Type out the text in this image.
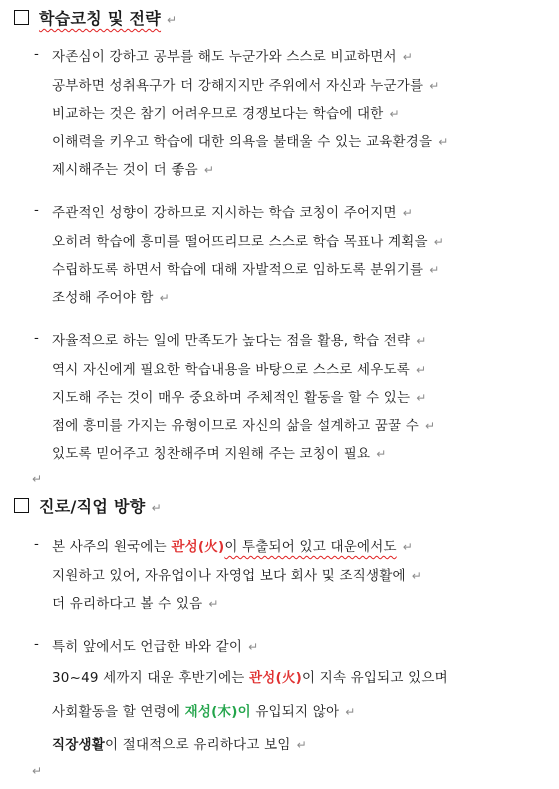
학습코칭 및 전략 ↵
- 자존심이 강하고 공부를 해도 누군가와 스스로 비교하면서 ↵
공부하면 성취욕구가 더 강해지지만 주위에서 자신과 누군가를 ↵
비교하는 것은 참기 어려우므로 경쟁보다는 학습에 대한 ↵
이해력을 키우고 학습에 대한 의욕을 불태울 수 있는 교육환경을 ↵
제시해주는 것이 더 좋음 ↵
- 주관적인 성향이 강하므로 지시하는 학습 코칭이 주어지면 ↵
오히려 학습에 흥미를 떨어뜨리므로 스스로 학습 목표나 계획을 ↵
수립하도록 하면서 학습에 대해 자발적으로 임하도록 분위기를 ↵
조성해 주어야 함 ↵
- 자율적으로 하는 일에 만족도가 높다는 점을 활용, 학습 전략 ↵
역시 자신에게 필요한 학습내용을 바탕으로 스스로 세우도록 ↵
지도해 주는 것이 매우 중요하며 주체적인 활동을 할 수 있는 ↵
점에 흥미를 가지는 유형이므로 자신의 삶을 설계하고 꿈꿀 수 ↵
있도록 믿어주고 칭찬해주며 지원해 주는 코칭이 필요 ↵
↵
진로/직업 방향 ↵
- 본 사주의 원국에는 관성(火)이 투출되어 있고 대운에서도 ↵
지원하고 있어, 자유업이나 자영업 보다 회사 및 조직생활에 ↵
더 유리하다고 볼 수 있음 ↵
- 특히 앞에서도 언급한 바와 같이 ↵
30~49 세까지 대운 후반기에는 관성(火)이 지속 유입되고 있으며
사회활동을 할 연령에 재성(木)이 유입되지 않아 ↵
직장생활이 절대적으로 유리하다고 보임 ↵
↵
